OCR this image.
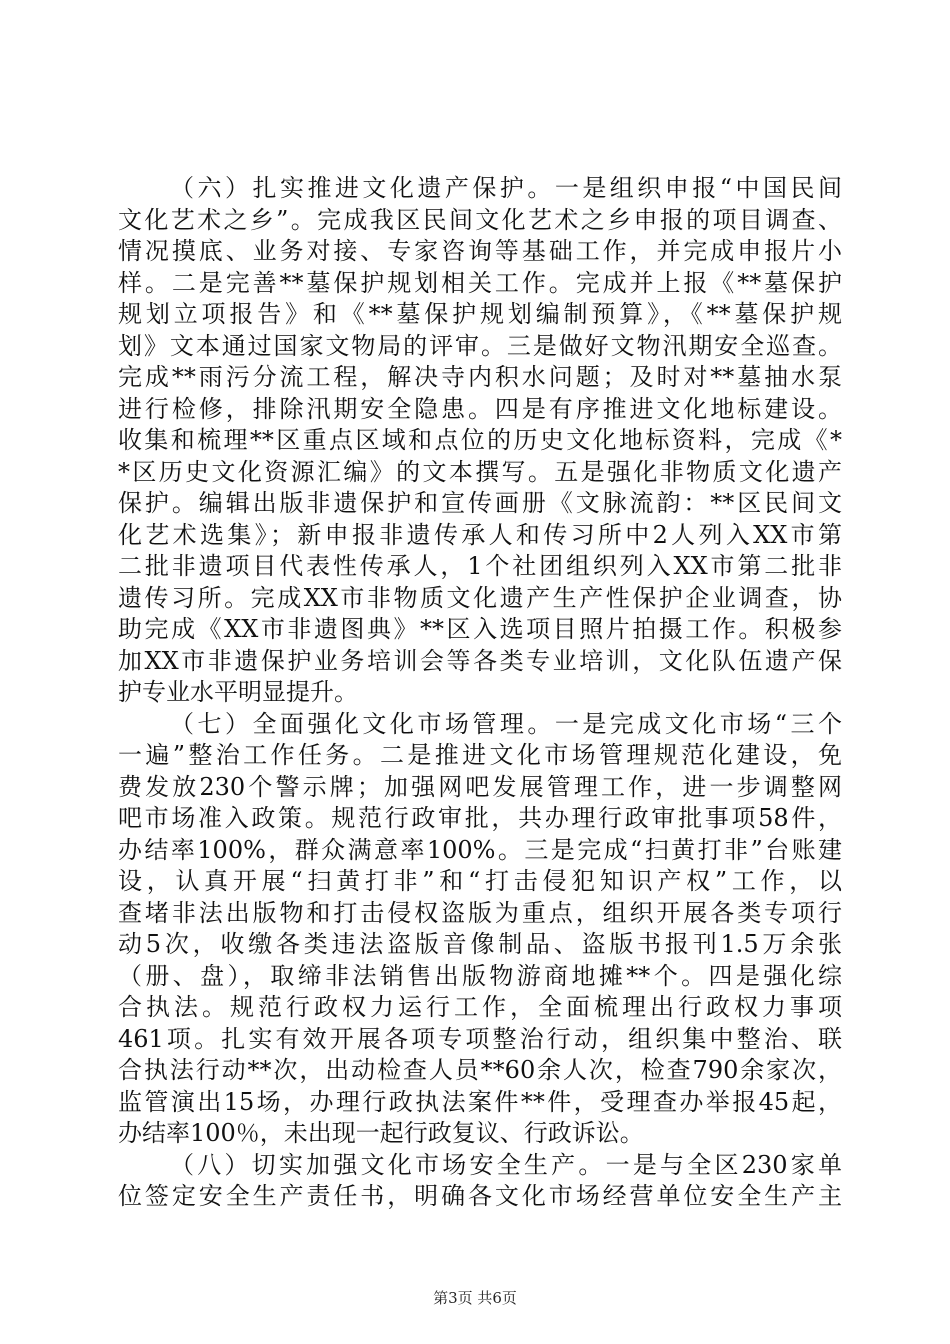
（六）扎实推进文化遗产保护。一是组织申报“中国民间
文化艺术之乡”。完成我区民间文化艺术之乡申报的项目调查、
情况摸底、业务对接、专家咨询等基础工作，并完成申报片小
样。二是完善**墓保护规划相关工作。完成并上报《**墓保护
规划立项报告》和《**墓保护规划编制预算》，《**墓保护规
划》文本通过国家文物局的评审。三是做好文物汛期安全巡查。
完成**雨污分流工程，解决寺内积水问题；及时对**墓抽水泵
进行检修，排除汛期安全隐患。四是有序推进文化地标建设。
收集和梳理**区重点区域和点位的历史文化地标资料，完成《*
*区历史文化资源汇编》的文本撰写。五是强化非物质文化遗产
保护。编辑出版非遗保护和宣传画册《文脉流韵：**区民间文
化艺术选集》；新申报非遗传承人和传习所中2人列入XX市第
二批非遗项目代表性传承人，1个社团组织列入XX市第二批非
遗传习所。完成XX市非物质文化遗产生产性保护企业调查，协
助完成《XX市非遗图典》**区入选项目照片拍摄工作。积极参
加XX市非遗保护业务培训会等各类专业培训，文化队伍遗产保
护专业水平明显提升。
（七）全面强化文化市场管理。一是完成文化市场“三个
一遍”整治工作任务。二是推进文化市场管理规范化建设，免
费发放230个警示牌；加强网吧发展管理工作，进一步调整网
吧市场准入政策。规范行政审批，共办理行政审批事项58件，
办结率100%，群众满意率100%。三是完成“扫黄打非”台账建
设，认真开展“扫黄打非”和“打击侵犯知识产权”工作，以
查堵非法出版物和打击侵权盗版为重点，组织开展各类专项行
动5次，收缴各类违法盗版音像制品、盗版书报刊1.5万余张
（册、盘），取缔非法销售出版物游商地摊**个。四是强化综
合执法。规范行政权力运行工作，全面梳理出行政权力事项
461项。扎实有效开展各项专项整治行动，组织集中整治、联
合执法行动**次，出动检查人员**60余人次，检查790余家次，
监管演出15场，办理行政执法案件**件，受理查办举报45起，
办结率100％，未出现一起行政复议、行政诉讼。
（八）切实加强文化市场安全生产。一是与全区230家单
位签定安全生产责任书，明确各文化市场经营单位安全生产主
第3页 共6页
